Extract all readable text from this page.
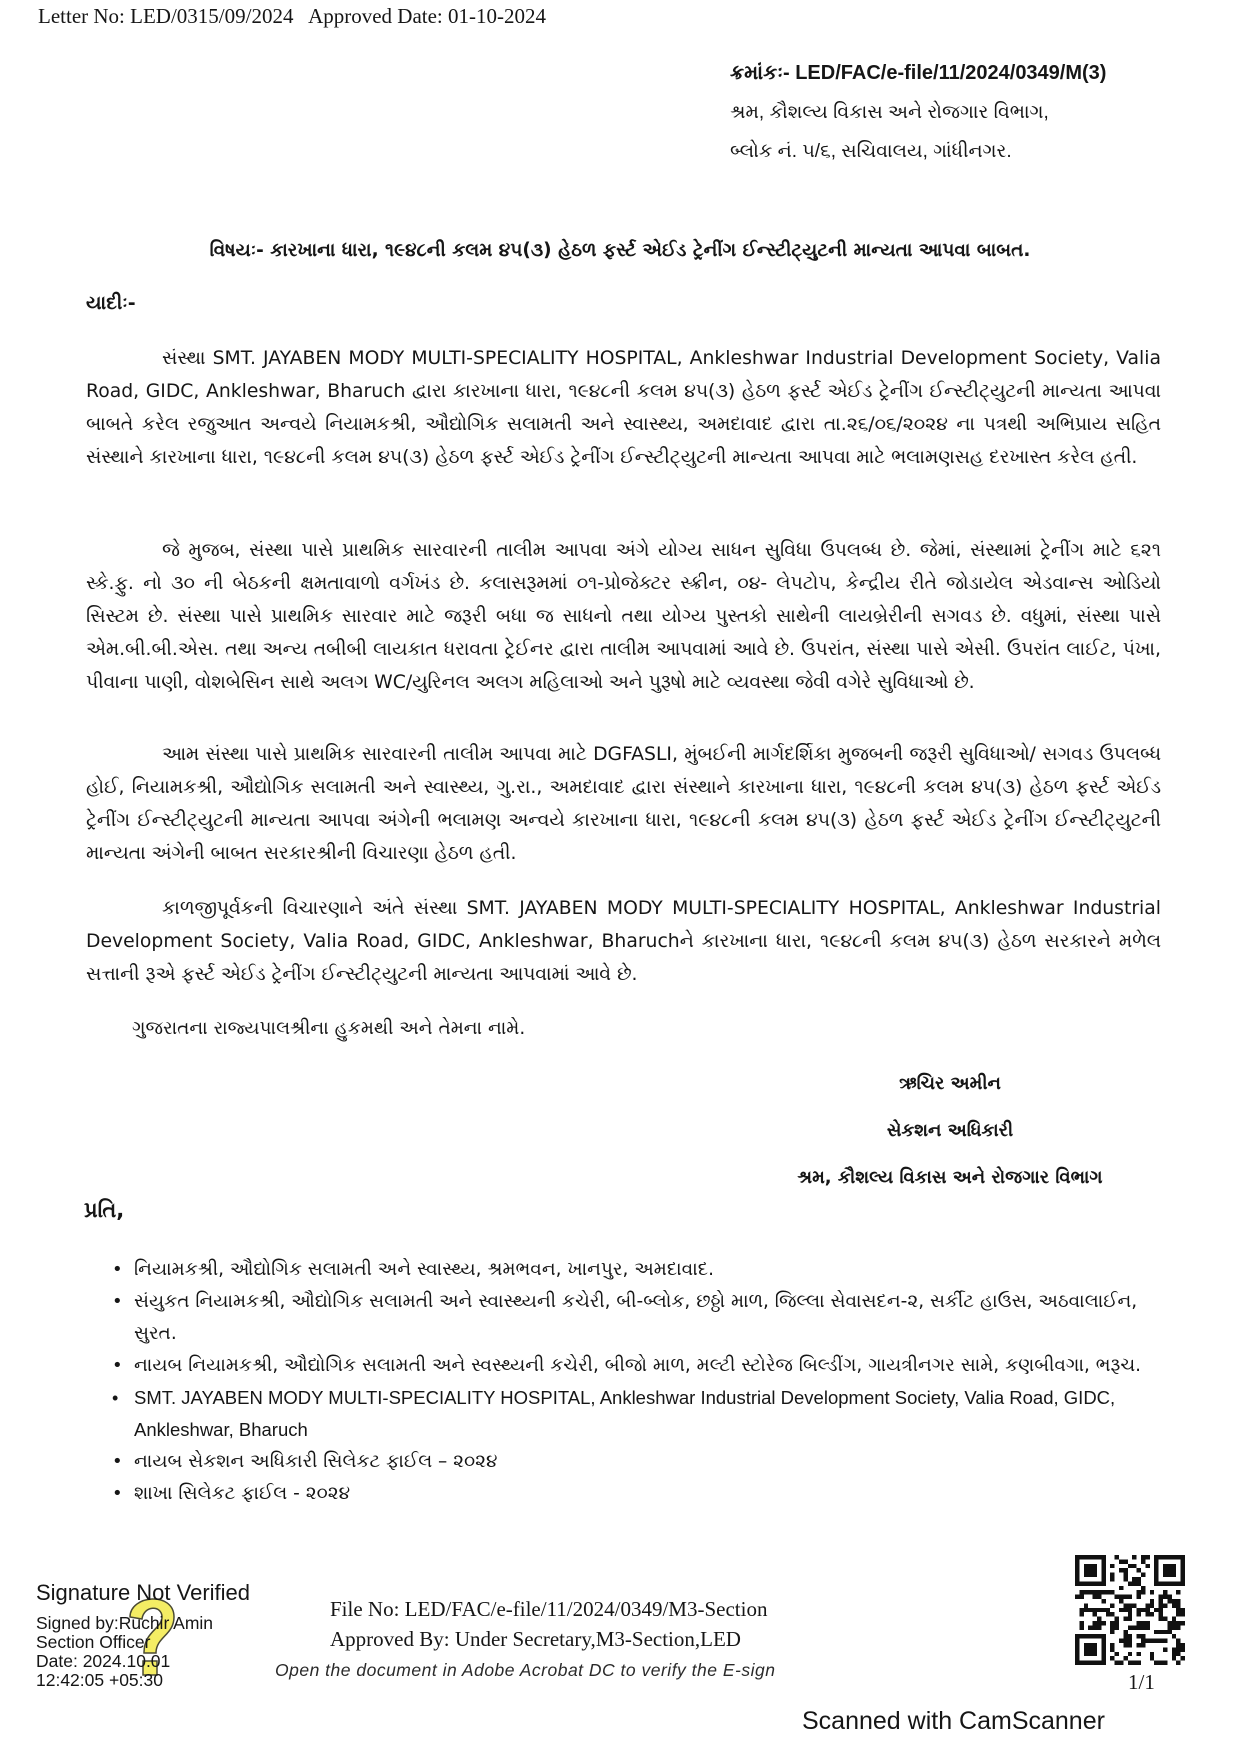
Letter No: LED/0315/09/2024 Approved Date: 01-10-2024
ક્રમાંકઃ- LED/FAC/e-file/11/2024/0349/M(3)
શ્રમ, કૌશલ્ય વિકાસ અને રોજગાર વિભાગ,
બ્લોક નં. ૫/૬, સચિવાલય, ગાંધીનગર.
વિષયઃ- કારખાના ધારા, ૧૯૪૮ની કલમ ૪૫(૩) હેઠળ ફર્સ્ટ એઈડ ટ્રેનીંગ ઈન્સ્ટીટ્યુટની માન્યતા આપવા બાબત.
યાદીઃ-
સંસ્થા SMT. JAYABEN MODY MULTI-SPECIALITY HOSPITAL, Ankleshwar Industrial Development Society, Valia Road, GIDC, Ankleshwar, Bharuch દ્વારા કારખાના ધારા, ૧૯૪૮ની કલમ ૪૫(૩) હેઠળ ફર્સ્ટ એઈડ ટ્રેનીંગ ઈન્સ્ટીટ્યુટની માન્યતા આપવા બાબતે કરેલ રજુઆત અન્વયે નિયામકશ્રી, ઔદ્યોગિક સલામતી અને સ્વાસ્થ્ય, અમદાવાદ દ્વારા તા.૨૬/૦૬/૨૦૨૪ ના પત્રથી અભિપ્રાય સહિત સંસ્થાને કારખાના ધારા, ૧૯૪૮ની કલમ ૪૫(૩) હેઠળ ફર્સ્ટ એઈડ ટ્રેનીંગ ઈન્સ્ટીટ્યુટની માન્યતા આપવા માટે ભલામણસહ દરખાસ્ત કરેલ હતી.
જે મુજબ, સંસ્થા પાસે પ્રાથમિક સારવારની તાલીમ આપવા અંગે યોગ્ય સાધન સુવિધા ઉપલબ્ધ છે. જેમાં, સંસ્થામાં ટ્રેનીંગ માટે ૬૨૧ સ્કે.ફુ. નો ૩૦ ની બેઠકની ક્ષમતાવાળો વર્ગખંડ છે. કલાસરૂમમાં ૦૧-પ્રોજેક્ટર સ્ક્રીન, ૦૪- લેપટોપ, કેન્દ્રીય રીતે જોડાયેલ એડવાન્સ ઓડિયો સિસ્ટમ છે. સંસ્થા પાસે પ્રાથમિક સારવાર માટે જરૂરી બધા જ સાધનો તથા યોગ્ય પુસ્તકો સાથેની લાયબ્રેરીની સગવડ છે. વધુમાં, સંસ્થા પાસે એમ.બી.બી.એસ. તથા અન્ય તબીબી લાયકાત ધરાવતા ટ્રેઈનર દ્વારા તાલીમ આપવામાં આવે છે. ઉપરાંત, સંસ્થા પાસે એસી. ઉપરાંત લાઈટ, પંખા, પીવાના પાણી, વોશબેસિન સાથે અલગ WC/યુરિનલ અલગ મહિલાઓ અને પુરૂષો માટે વ્યવસ્થા જેવી વગેરે સુવિધાઓ છે.
આમ સંસ્થા પાસે પ્રાથમિક સારવારની તાલીમ આપવા માટે DGFASLI, મુંબઈની માર્ગદર્શિકા મુજબની જરૂરી સુવિધાઓ/ સગવડ ઉપલબ્ધ હોઈ, નિયામકશ્રી, ઔદ્યોગિક સલામતી અને સ્વાસ્થ્ય, ગુ.રા., અમદાવાદ દ્વારા સંસ્થાને કારખાના ધારા, ૧૯૪૮ની કલમ ૪૫(૩) હેઠળ ફર્સ્ટ એઈડ ટ્રેનીંગ ઈન્સ્ટીટ્યુટની માન્યતા આપવા અંગેની ભલામણ અન્વયે કારખાના ધારા, ૧૯૪૮ની કલમ ૪૫(૩) હેઠળ ફર્સ્ટ એઈડ ટ્રેનીંગ ઈન્સ્ટીટ્યુટની માન્યતા અંગેની બાબત સરકારશ્રીની વિચારણા હેઠળ હતી.
કાળજીપૂર્વકની વિચારણાને અંતે સંસ્થા SMT. JAYABEN MODY MULTI-SPECIALITY HOSPITAL, Ankleshwar Industrial Development Society, Valia Road, GIDC, Ankleshwar, Bharuchને કારખાના ધારા, ૧૯૪૮ની કલમ ૪૫(૩) હેઠળ સરકારને મળેલ સત્તાની રૂએ ફર્સ્ટ એઈડ ટ્રેનીંગ ઈન્સ્ટીટ્યુટની માન્યતા આપવામાં આવે છે.
ગુજરાતના રાજ્યપાલશ્રીના હુકમથી અને તેમના નામે.
ઋચિર અમીન
સેકશન અધિકારી
શ્રમ, કૌશલ્ય વિકાસ અને રોજગાર વિભાગ
પ્રતિ,
• નિયામકશ્રી, ઔદ્યોગિક સલામતી અને સ્વાસ્થ્ય, શ્રમભવન, ખાનપુર, અમદાવાદ.
• સંયુકત નિયામકશ્રી, ઔદ્યોગિક સલામતી અને સ્વાસ્થ્યની કચેરી, બી-બ્લોક, છઠ્ઠો માળ, જિલ્લા સેવાસદન-૨, સર્કીટ હાઉસ, અઠવાલાઈન, સુરત.
• નાયબ નિયામકશ્રી, ઔદ્યોગિક સલામતી અને સ્વસ્થ્યની કચેરી, બીજો માળ, મલ્ટી સ્ટોરેજ બિલ્ડીંગ, ગાયત્રીનગર સામે, કણબીવગા, ભરૂચ.
• SMT. JAYABEN MODY MULTI-SPECIALITY HOSPITAL, Ankleshwar Industrial Development Society, Valia Road, GIDC, Ankleshwar, Bharuch
• નાયબ સેકશન અધિકારી સિલેકટ ફાઈલ – ૨૦૨૪
• શાખા સિલેકટ ફાઈલ - ૨૦૨૪
Signature Not Verified
Signed by:Ruchir Amin
Section Officer
Date: 2024.10.01
12:42:05 +05:30
File No: LED/FAC/e-file/11/2024/0349/M3-Section
Approved By: Under Secretary,M3-Section,LED
Open the document in Adobe Acrobat DC to verify the E-sign	1/1
Scanned with CamScanner
